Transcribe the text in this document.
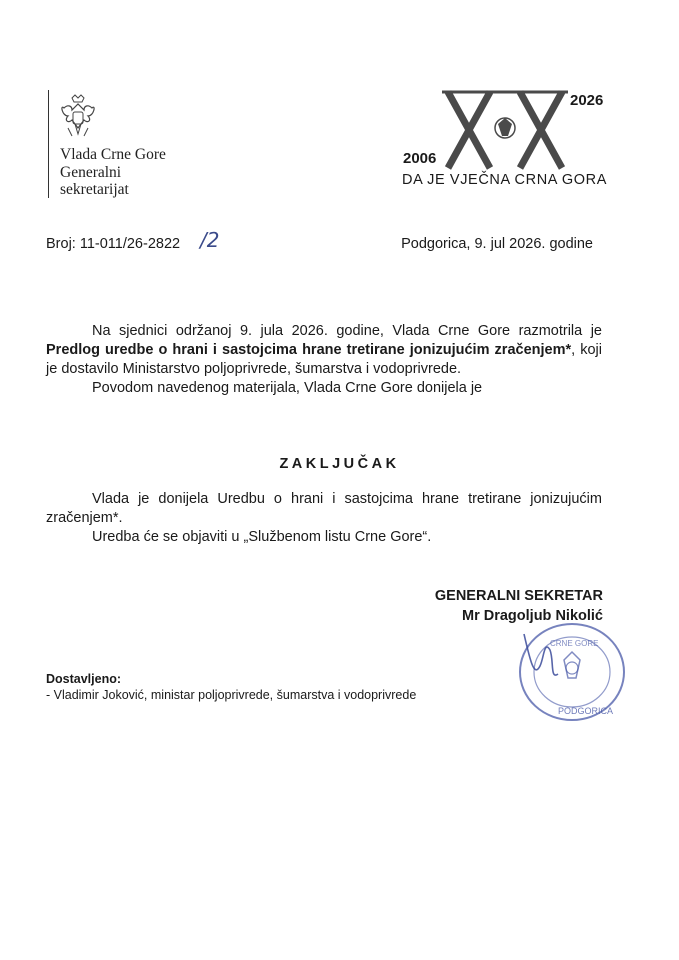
Vlada Crne Gore
Generalni
sekretarijat
2026
2006
DA JE VJEČNA CRNA GORA
Broj: 11-011/26-2822 /2	Podgorica, 9. jul 2026. godine
Na sjednici održanoj 9. jula 2026. godine, Vlada Crne Gore razmotrila je Predlog uredbe o hrani i sastojcima hrane tretirane jonizujućim zračenjem*, koji je dostavilo Ministarstvo poljoprivrede, šumarstva i vodoprivrede.
Povodom navedenog materijala, Vlada Crne Gore donijela je
ZAKLJUČAK
Vlada je donijela Uredbu o hrani i sastojcima hrane tretirane jonizujućim zračenjem*.
Uredba će se objaviti u „Službenom listu Crne Gore“.
GENERALNI SEKRETAR
Mr Dragoljub Nikolić
PODGORICA
CRNE GORE
Dostavljeno:
- Vladimir Joković, ministar poljoprivrede, šumarstva i vodoprivrede
